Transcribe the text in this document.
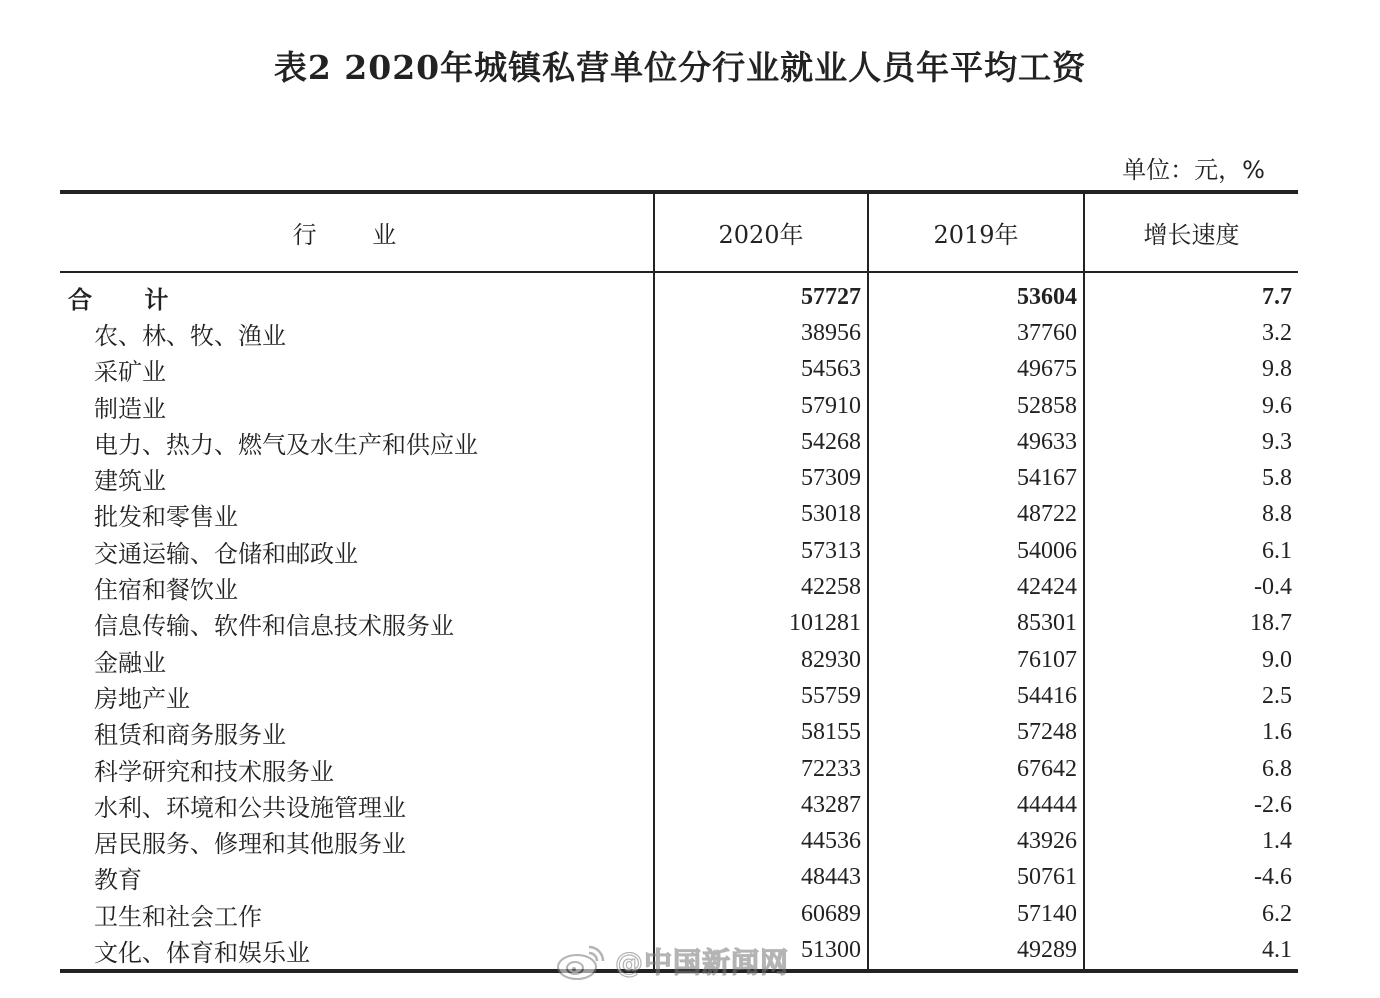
表2 2020年城镇私营单位分行业就业人员年平均工资
单位：元，%
行 业	2020年	2019年	增长速度
合 计	57727	53604	7.7
农、林、牧、渔业	38956	37760	3.2
采矿业	54563	49675	9.8
制造业	57910	52858	9.6
电力、热力、燃气及水生产和供应业	54268	49633	9.3
建筑业	57309	54167	5.8
批发和零售业	53018	48722	8.8
交通运输、仓储和邮政业	57313	54006	6.1
住宿和餐饮业	42258	42424	-0.4
信息传输、软件和信息技术服务业	101281	85301	18.7
金融业	82930	76107	9.0
房地产业	55759	54416	2.5
租赁和商务服务业	58155	57248	1.6
科学研究和技术服务业	72233	67642	6.8
水利、环境和公共设施管理业	43287	44444	-2.6
居民服务、修理和其他服务业	44536	43926	1.4
教育	48443	50761	-4.6
卫生和社会工作	60689	57140	6.2
文化、体育和娱乐业	51300	49289	4.1
@中国新闻网
